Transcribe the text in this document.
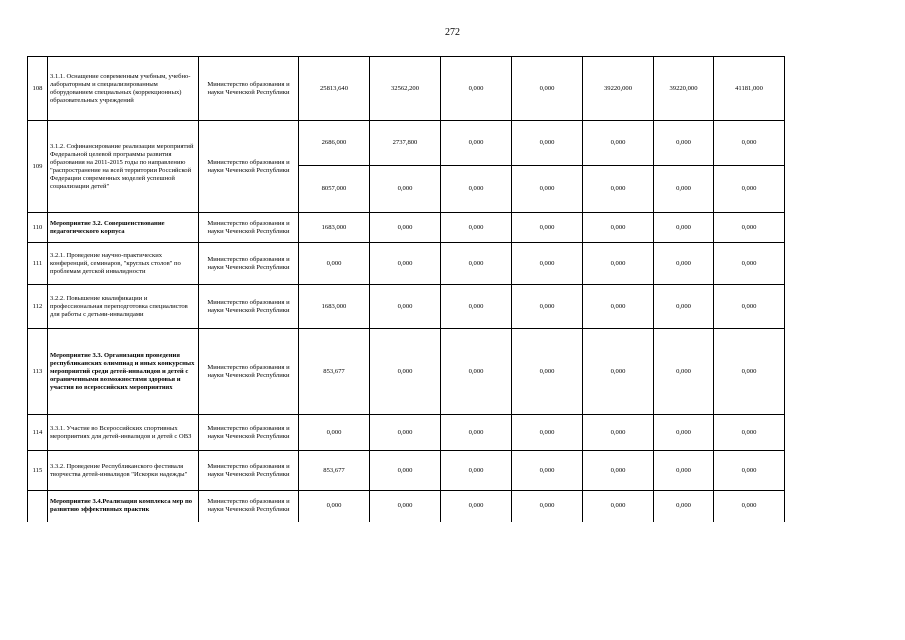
272
108	3.1.1. Оснащение современным учебным, учебно-лабораторным и специализированным оборудованием специальных (коррекционных) образовательных учреждений	Министерство образования и науки Чеченской Республики	25813,640	32562,200	0,000	0,000	39220,000	39220,000	41181,000
109	3.1.2. Софинансирование реализации мероприятий Федеральной целевой программы развития образования на 2011-2015 годы по направлению "распространение на всей территории Российской Федерации современных моделей успешной социализации детей"	Министерство образования и науки Чеченской Республики	2686,000	2737,800	0,000	0,000	0,000	0,000	0,000
			8057,000	0,000	0,000	0,000	0,000	0,000	0,000
110	Мероприятие 3.2. Совершенствование педагогического корпуса	Министерство образования и науки Чеченской Республики	1683,000	0,000	0,000	0,000	0,000	0,000	0,000
111	3.2.1. Проведение научно-практических конференций, семинаров, "круглых столов" по проблемам детской инвалидности	Министерство образования и науки Чеченской Республики	0,000	0,000	0,000	0,000	0,000	0,000	0,000
112	3.2.2. Повышение квалификации и профессиональная переподготовка специалистов для работы с детьми-инвалидами	Министерство образования и науки Чеченской Республики	1683,000	0,000	0,000	0,000	0,000	0,000	0,000
113	Мероприятие 3.3. Организация проведения республиканских олимпиад и иных конкурсных мероприятий среди детей-инвалидов и детей с ограниченными возможностями здоровья и участия во всероссийских мероприятиях	Министерство образования и науки Чеченской Республики	853,677	0,000	0,000	0,000	0,000	0,000	0,000
114	3.3.1. Участие во Всероссийских спортивных мероприятиях для детей-инвалидов и детей с ОВЗ	Министерство образования и науки Чеченской Республики	0,000	0,000	0,000	0,000	0,000	0,000	0,000
115	3.3.2. Проведение Республиканского фестиваля творчества детей-инвалидов "Искорки надежды"	Министерство образования и науки Чеченской Республики	853,677	0,000	0,000	0,000	0,000	0,000	0,000
	Мероприятие 3.4.Реализация комплекса мер по развитию эффективных практик	Министерство образования и науки Чеченской Республики	0,000	0,000	0,000	0,000	0,000	0,000	0,000
